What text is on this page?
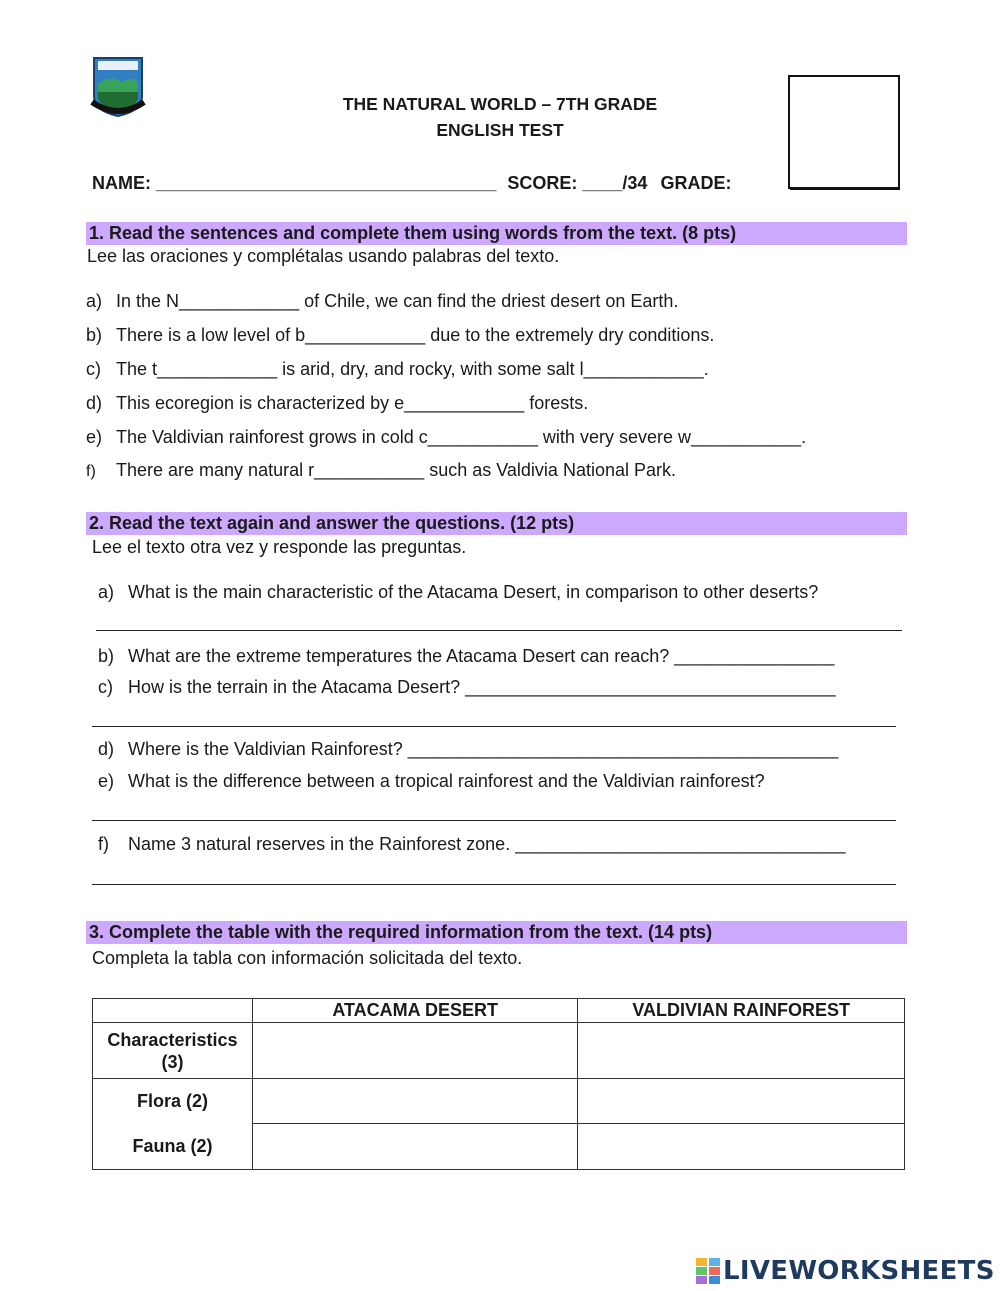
THE NATURAL WORLD – 7TH GRADE
ENGLISH TEST
NAME: __________________________________ SCORE: ____/34 GRADE:
1. Read the sentences and complete them using words from the text. (8 pts)
Lee las oraciones y complétalas usando palabras del texto.
a) In the N____________ of Chile, we can find the driest desert on Earth.
b) There is a low level of b____________ due to the extremely dry conditions.
c) The t____________ is arid, dry, and rocky, with some salt l____________.
d) This ecoregion is characterized by e____________ forests.
e) The Valdivian rainforest grows in cold c___________ with very severe w___________.
f) There are many natural r___________ such as Valdivia National Park.
2. Read the text again and answer the questions. (12 pts)
Lee el texto otra vez y responde las preguntas.
a) What is the main characteristic of the Atacama Desert, in comparison to other deserts?
b) What are the extreme temperatures the Atacama Desert can reach? ________________
c) How is the terrain in the Atacama Desert? _____________________________________
d) Where is the Valdivian Rainforest? ___________________________________________
e) What is the difference between a tropical rainforest and the Valdivian rainforest?
f) Name 3 natural reserves in the Rainforest zone. _________________________________
3. Complete the table with the required information from the text. (14 pts)
Completa la tabla con información solicitada del texto.
	ATACAMA DESERT	VALDIVIAN RAINFOREST

Characteristics (3)		

Flora (2)		
Fauna (2)		
LIVEWORKSHEETS
